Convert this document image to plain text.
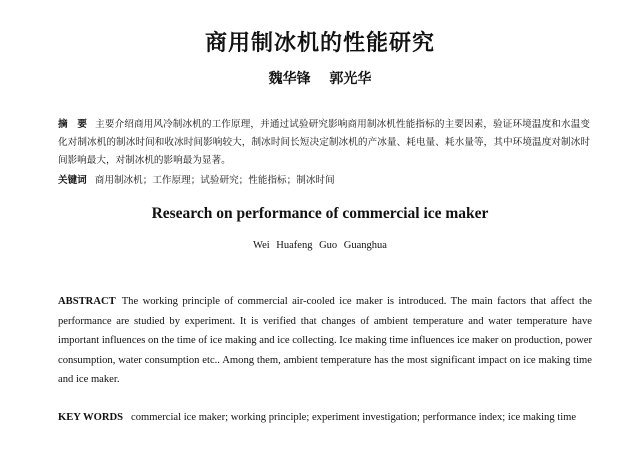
商用制冰机的性能研究
魏华锋 郭光华
摘　要 主要介绍商用风冷制冰机的工作原理，并通过试验研究影响商用制冰机性能指标的主要因素，验证环境温度和水温变化对制冰机的制冰时间和收冰时间影响较大，制冰时间长短决定制冰机的产冰量、耗电量、耗水量等，其中环境温度对制冰时间影响最大，对制冰机的影响最为显著。
关键词 商用制冰机；工作原理；试验研究；性能指标；制冰时间
Research on performance of commercial ice maker
Wei Huafeng Guo Guanghua
ABSTRACT The working principle of commercial air-cooled ice maker is introduced. The main factors that affect the performance are studied by experiment. It is verified that changes of ambient temperature and water temperature have important influences on the time of ice making and ice collecting. Ice making time influences ice maker on production, power consumption, water consumption etc.. Among them, ambient temperature has the most significant impact on ice making time and ice maker.
KEY WORDS commercial ice maker; working principle; experiment investigation; performance index; ice making time
